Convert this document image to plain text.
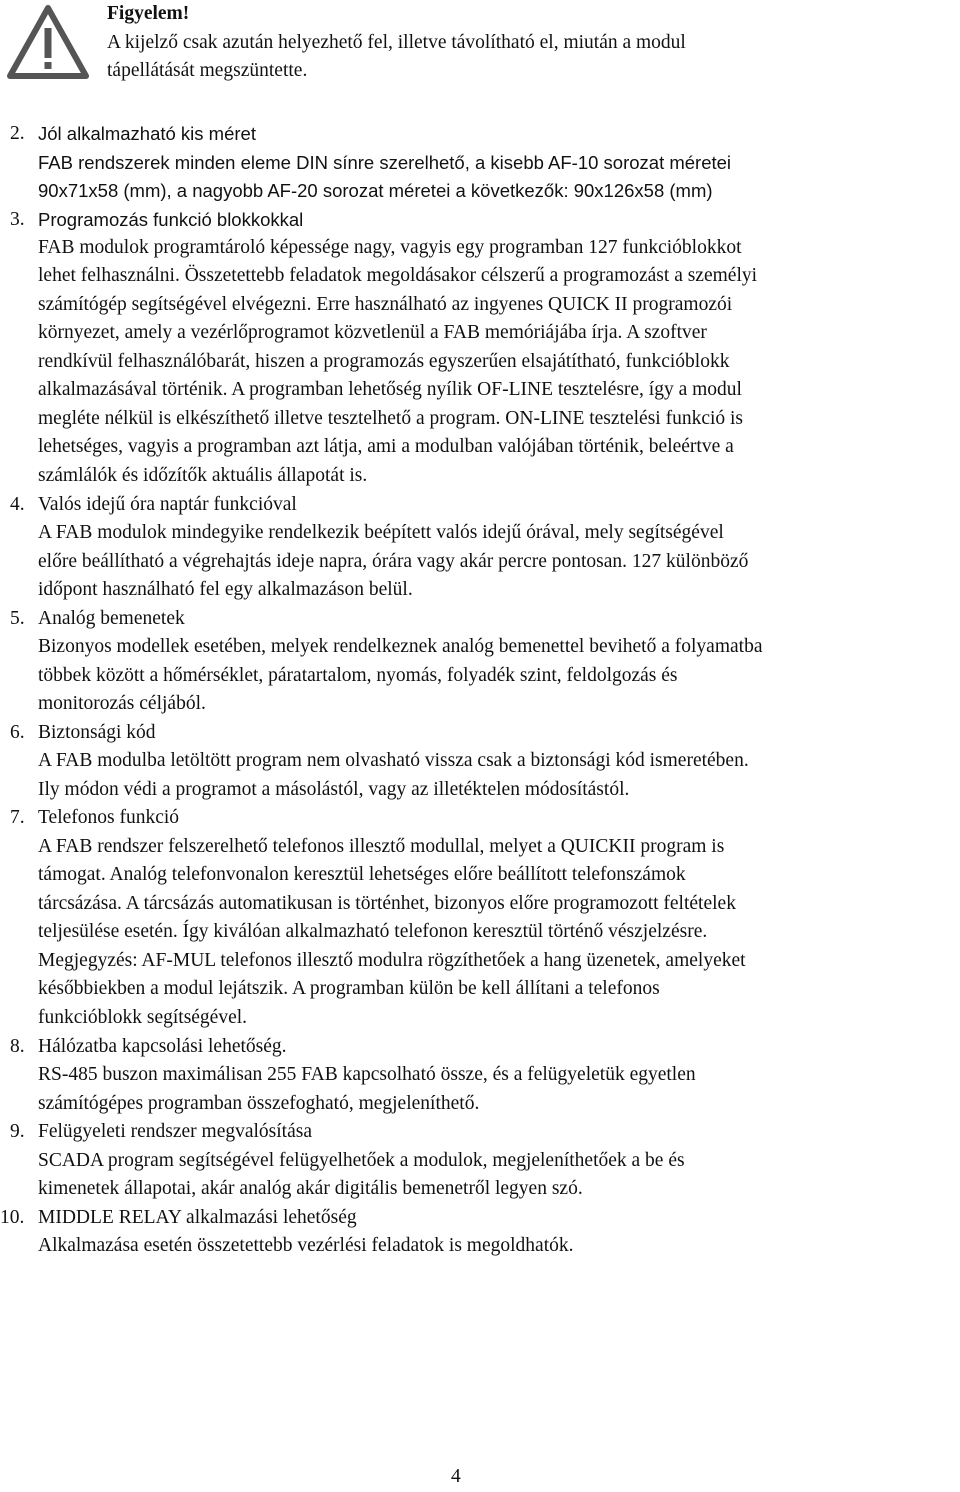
Figyelem!
A kijelző csak azután helyezhető fel, illetve távolítható el, miután a modul
tápellátását megszüntette.
2. Jól alkalmazható kis méret
FAB rendszerek minden eleme DIN sínre szerelhető, a kisebb AF-10 sorozat méretei
90x71x58 (mm), a nagyobb AF-20 sorozat méretei a következők: 90x126x58 (mm)
3. Programozás funkció blokkokkal
FAB modulok programtároló képessége nagy, vagyis egy programban 127 funkcióblokkot
lehet felhasználni. Összetettebb feladatok megoldásakor célszerű a programozást a személyi
számítógép segítségével elvégezni. Erre használható az ingyenes QUICK II programozói
környezet, amely a vezérlőprogramot közvetlenül a FAB memóriájába írja. A szoftver
rendkívül felhasználóbarát, hiszen a programozás egyszerűen elsajátítható, funkcióblokk
alkalmazásával történik. A programban lehetőség nyílik OF-LINE tesztelésre, így a modul
megléte nélkül is elkészíthető illetve tesztelhető a program. ON-LINE tesztelési funkció is
lehetséges, vagyis a programban azt látja, ami a modulban valójában történik, beleértve a
számlálók és időzítők aktuális állapotát is.
4. Valós idejű óra naptár funkcióval
A FAB modulok mindegyike rendelkezik beépített valós idejű órával, mely segítségével
előre beállítható a végrehajtás ideje napra, órára vagy akár percre pontosan. 127 különböző
időpont használható fel egy alkalmazáson belül.
5. Analóg bemenetek
Bizonyos modellek esetében, melyek rendelkeznek analóg bemenettel bevihető a folyamatba
többek között a hőmérséklet, páratartalom, nyomás, folyadék szint, feldolgozás és
monitorozás céljából.
6. Biztonsági kód
A FAB modulba letöltött program nem olvasható vissza csak a biztonsági kód ismeretében.
Ily módon védi a programot a másolástól, vagy az illetéktelen módosítástól.
7. Telefonos funkció
A FAB rendszer felszerelhető telefonos illesztő modullal, melyet a QUICKII program is
támogat. Analóg telefonvonalon keresztül lehetséges előre beállított telefonszámok
tárcsázása. A tárcsázás automatikusan is történhet, bizonyos előre programozott feltételek
teljesülése esetén. Így kiválóan alkalmazható telefonon keresztül történő vészjelzésre.
Megjegyzés: AF-MUL telefonos illesztő modulra rögzíthetőek a hang üzenetek, amelyeket
későbbiekben a modul lejátszik. A programban külön be kell állítani a telefonos
funkcióblokk segítségével.
8. Hálózatba kapcsolási lehetőség.
RS-485 buszon maximálisan 255 FAB kapcsolható össze, és a felügyeletük egyetlen
számítógépes programban összefogható, megjeleníthető.
9. Felügyeleti rendszer megvalósítása
SCADA program segítségével felügyelhetőek a modulok, megjeleníthetőek a be és
kimenetek állapotai, akár analóg akár digitális bemenetről legyen szó.
10. MIDDLE RELAY alkalmazási lehetőség
Alkalmazása esetén összetettebb vezérlési feladatok is megoldhatók.
4
